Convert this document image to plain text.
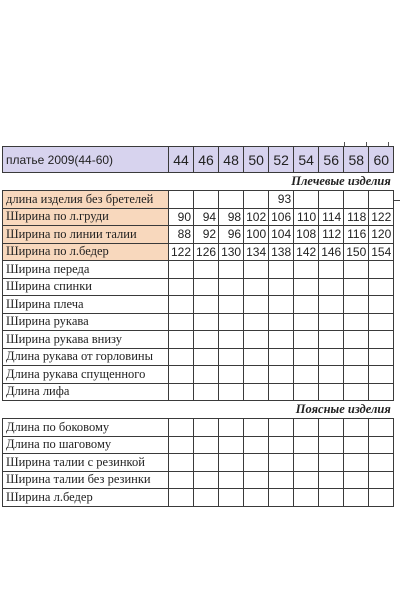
платье 2009(44-60)	44	46	48	50	52	54	56	58	60
Плечевые изделия									
длина изделия без бретелей					93				
Ширина по л.груди	90	94	98	102	106	110	114	118	122
Ширина по линии талии	88	92	96	100	104	108	112	116	120
Ширина по л.бедер	122	126	130	134	138	142	146	150	154
Ширина переда									
Ширина спинки									
Ширина плеча									
Ширина рукава									
Ширина рукава внизу									
Длина рукава от горловины									
Длина рукава спущенного									
Длина лифа									
Поясные изделия									
Длина по боковому									
Длина по шаговому									
Ширина талии с резинкой									
Ширина талии без резинки									
Ширина л.бедер									
